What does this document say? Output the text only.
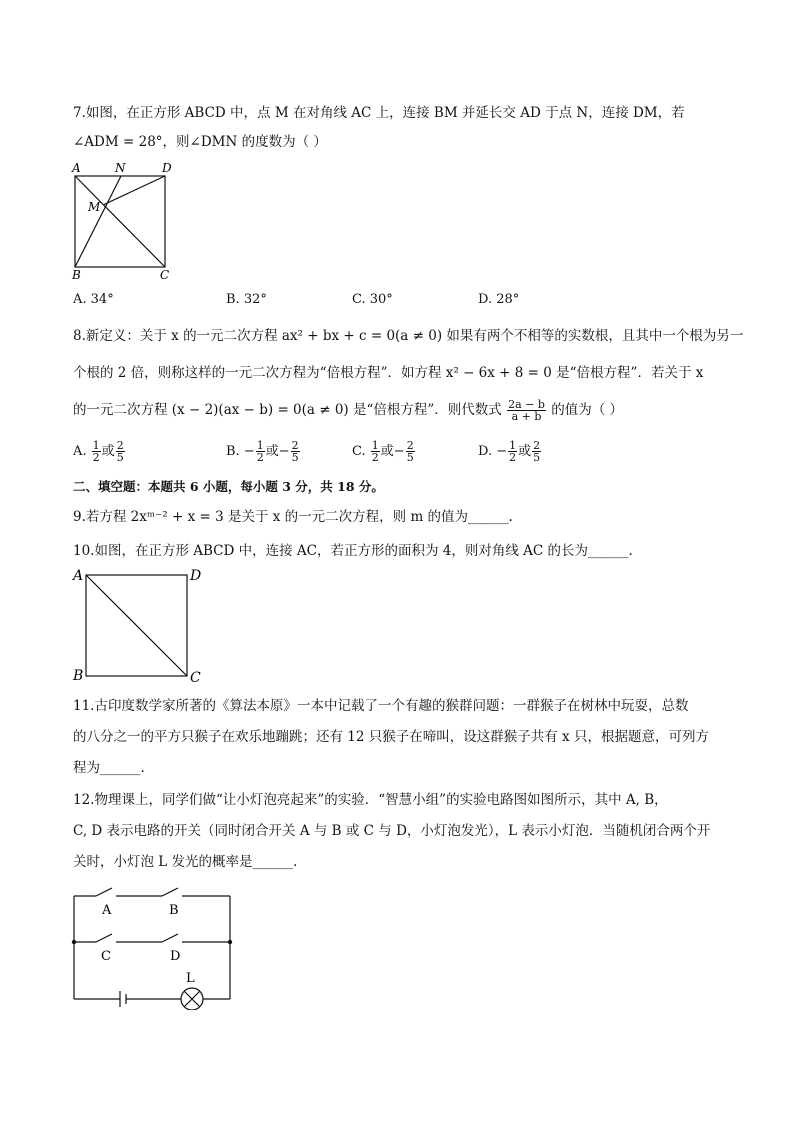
7.如图，在正方形 ABCD 中，点 M 在对角线 AC 上，连接 BM 并延长交 AD 于点 N，连接 DM，若
∠ADM = 28°，则∠DMN 的度数为（ ）
A	N	D
M
B	C
A. 34°	B. 32°	C. 30°	D. 28°
8.新定义：关于 x 的一元二次方程 ax² + bx + c = 0(a ≠ 0) 如果有两个不相等的实数根，且其中一个根为另一
个根的 2 倍，则称这样的一元二次方程为“倍根方程”．如方程 x² − 6x + 8 = 0 是“倍根方程”．若关于 x
的一元二次方程 (x − 2)(ax − b) = 0(a ≠ 0) 是“倍根方程”．则代数式 $\frac{2a - b}{a + b}$ 的值为（ ）
A. $\frac{1}{2}$ 或 $\frac{2}{5}$	B. − $\frac{1}{2}$ 或− $\frac{2}{5}$	C. $\frac{1}{2}$ 或− $\frac{2}{5}$	D. − $\frac{1}{2}$ 或 $\frac{2}{5}$
二、填空题：本题共 6 小题，每小题 3 分，共 18 分。
9.若方程 2xᵐ⁻² + x = 3 是关于 x 的一元二次方程，则 m 的值为______.
10.如图，在正方形 ABCD 中，连接 AC，若正方形的面积为 4，则对角线 AC 的长为______.
A	D
B	C
11.古印度数学家所著的《算法本原》一本中记载了一个有趣的猴群问题：一群猴子在树林中玩耍，总数
的八分之一的平方只猴子在欢乐地蹦跳；还有 12 只猴子在啼叫，设这群猴子共有 x 只，根据题意，可列方
程为______.
12.物理课上，同学们做“让小灯泡亮起来”的实验．“智慧小组”的实验电路图如图所示，其中 A, B，
C, D 表示电路的开关（同时闭合开关 A 与 B 或 C 与 D，小灯泡发光），L 表示小灯泡．当随机闭合两个开
关时，小灯泡 L 发光的概率是______.
A	B
C	D
L
